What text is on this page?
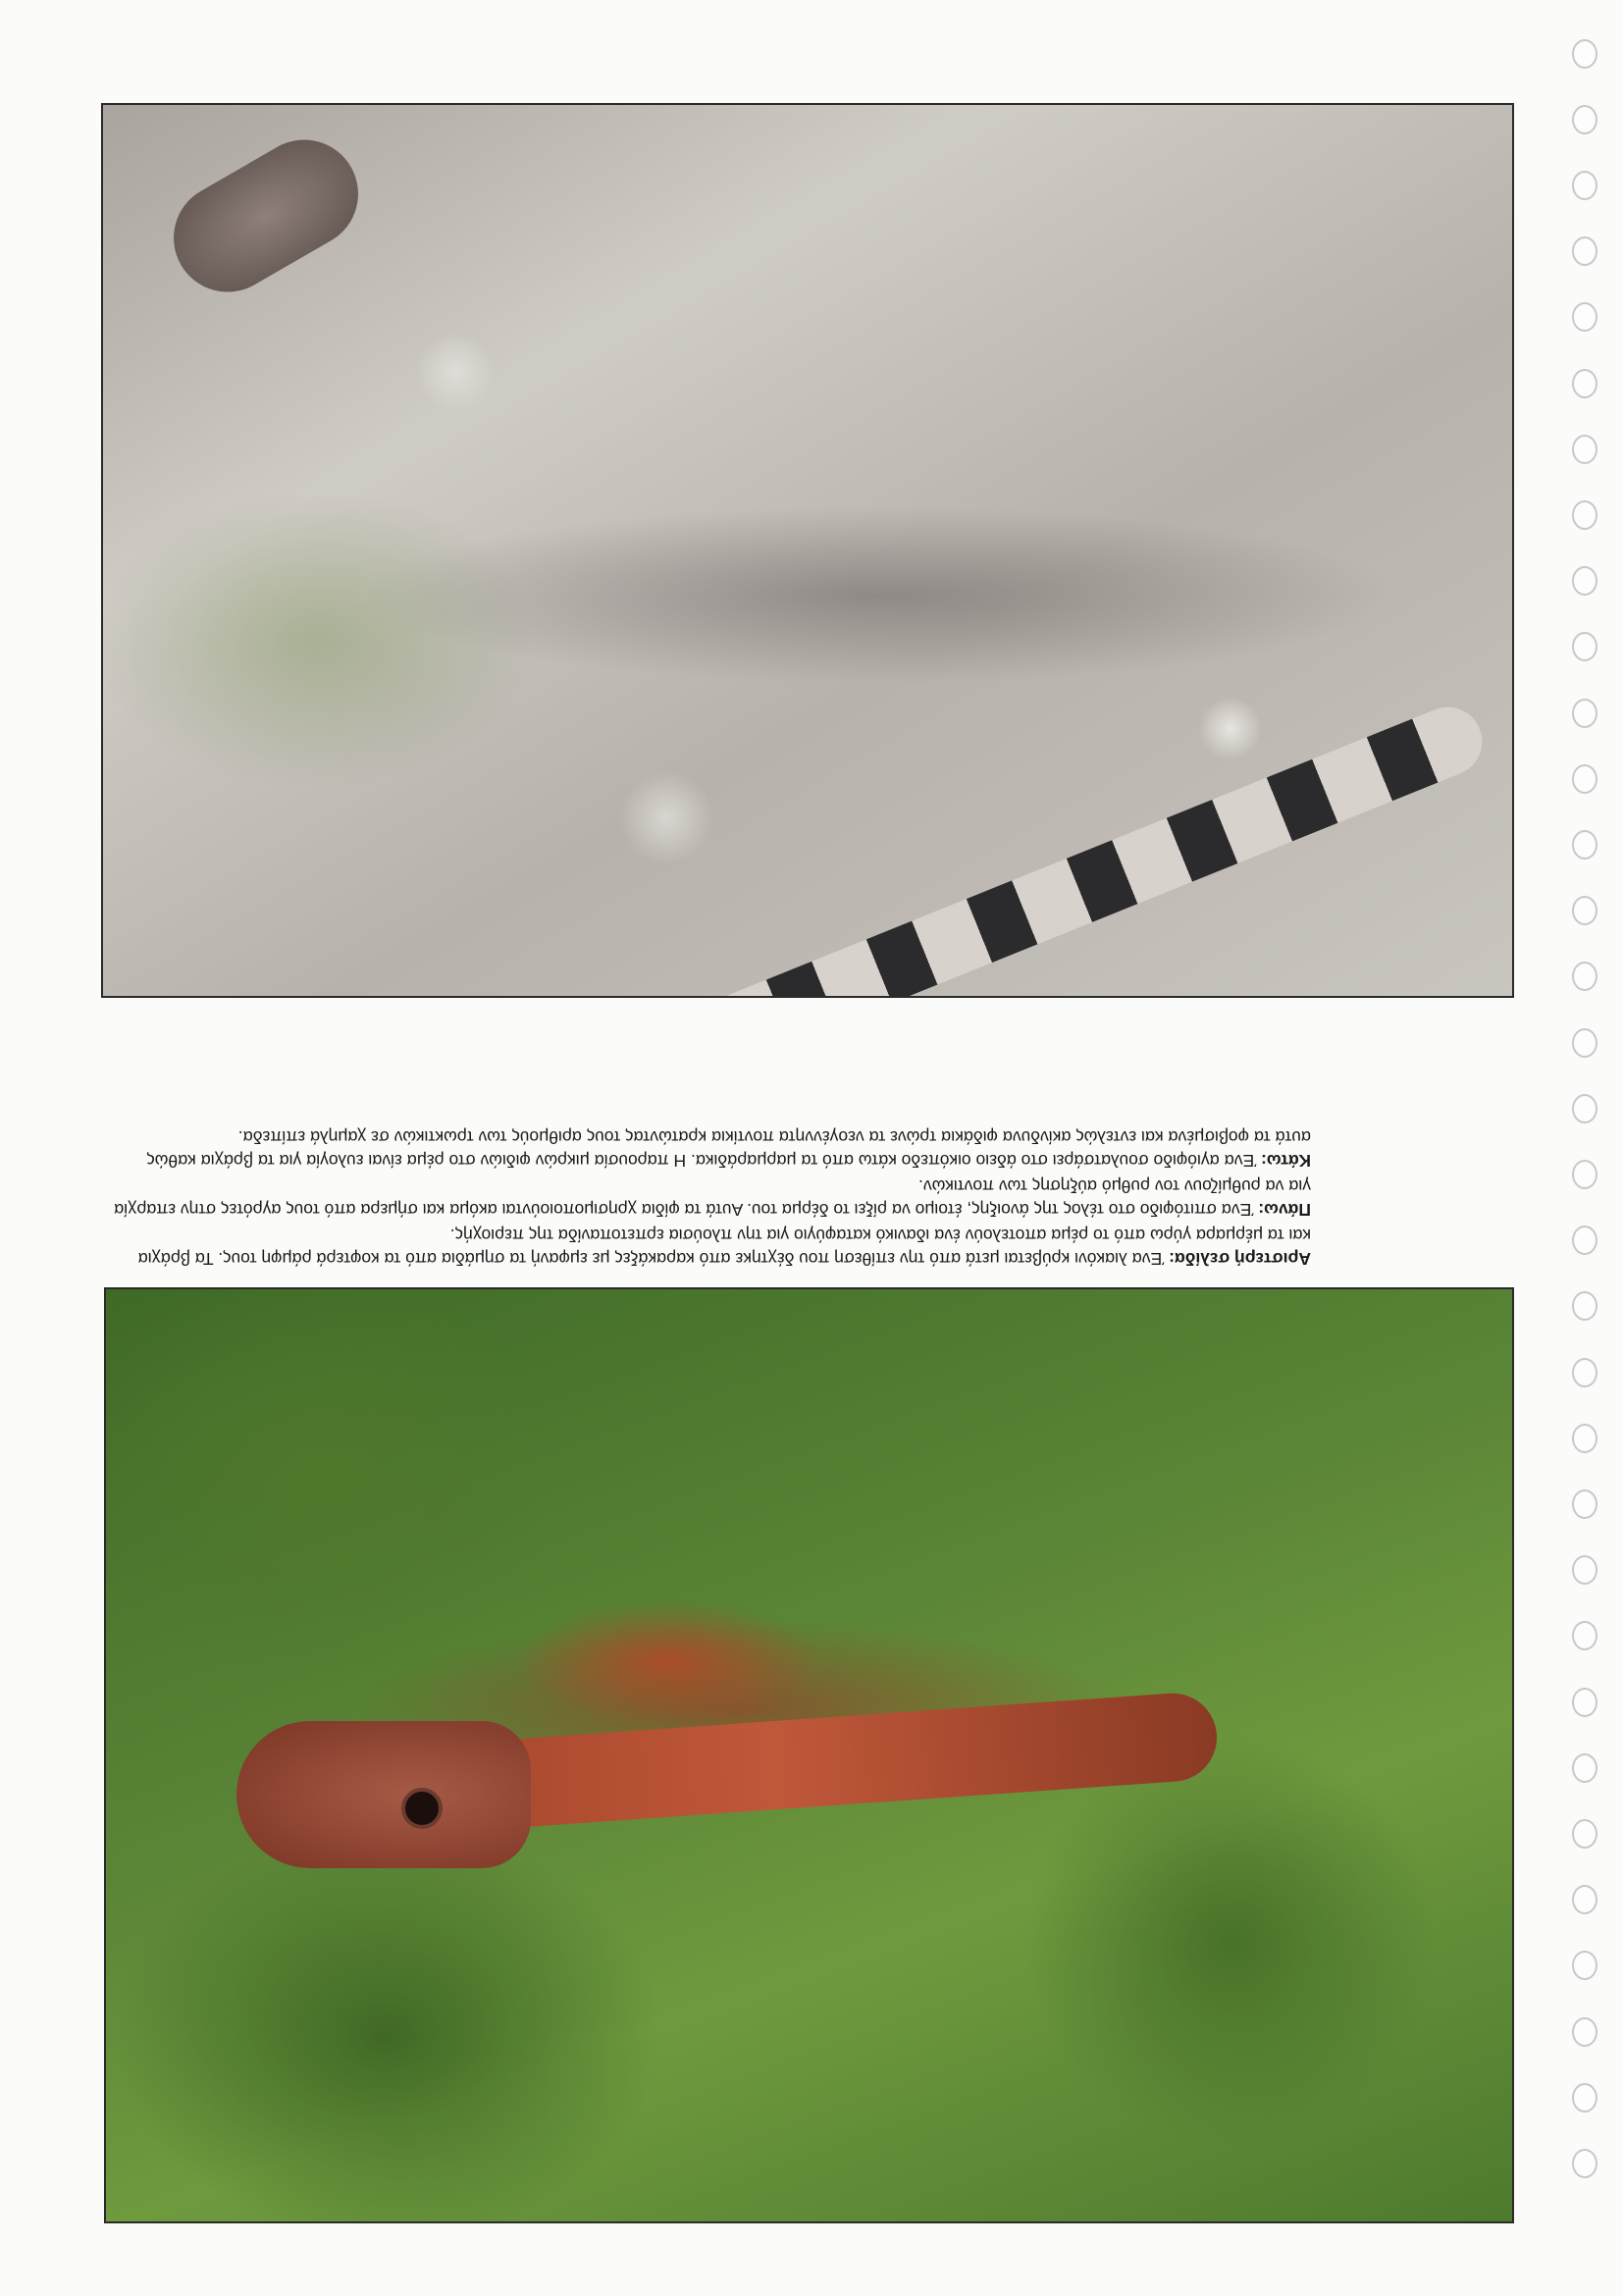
Αριστερή σελίδα: Ένα λιακόνι κρύβεται μετά από την επίθεση που δέχτηκε από καρακάξες με εμφανή τα σημάδια από τα κοφτερά ράμφη τους. Τα βράχια και τα μέρμαρα γύρω από το ρέμα αποτελούν ένα ιδανικό καταφύγιο για την πλούσια ερπετοπανίδα της περιοχής.

Πάνω: Ένα σπιτόφιδο στο τέλος της άνοιξης, έτοιμο να ρίξει το δέρμα του. Αυτά τα φίδια χρησιμοποιούνται ακόμα και σήμερα από τους αγρότες στην επαρχία για να ρυθμίζουν τον ρυθμό αύξησης των ποντικών.

Κάτω: Ένα αγιόφιδο σουλατσάρει στο άδειο οικόπεδο κάτω από τα μαρμαράδικα. Η παρουσία μικρών φιδιών στο ρέμα είναι ευλογία για τα βράχια καθώς αυτά τα φοβισμένα και εντελώς ακίνδυνα φιδάκια τρώνε τα νεογέννητα ποντίκια κρατώντας τους αριθμούς των τρωκτικών σε χαμηλά επίπεδα.
